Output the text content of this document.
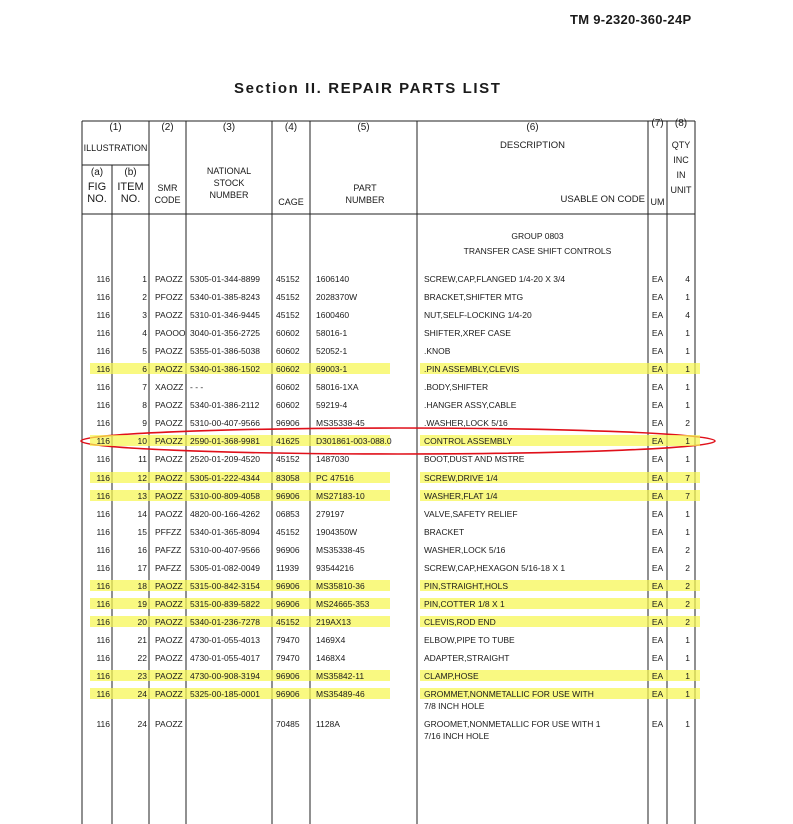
TM 9-2320-360-24P
Section II. REPAIR PARTS LIST
(1)
ILLUSTRATION
(a)	(b)
FIG NO.
ITEM NO.
(2)
SMR CODE
(3)
NATIONAL STOCK NUMBER
(4)
CAGE
(5)
PART NUMBER
(6)
DESCRIPTION
USABLE ON CODE
(7)
UM
(8)
QTY INC IN UNIT
GROUP 0803
TRANSFER CASE SHIFT CONTROLS
116	1 PAOZZ 5305-01-344-8899	45152	1606140	SCREW,CAP,FLANGED 1/4-20 X 3/4	EA	4
116	2 PFOZZ 5340-01-385-8243	45152	2028370W	BRACKET,SHIFTER MTG	EA	1
116	3 PAOZZ 5310-01-346-9445	45152	1600460	NUT,SELF-LOCKING 1/4-20	EA	4
116	4 PAOOO 3040-01-356-2725	60602	58016-1	SHIFTER,XREF CASE	EA	1
116	5 PAOZZ 5355-01-386-5038	60602	52052-1	.KNOB	EA	1
116	6 PAOZZ 5340-01-386-1502	60602	69003-1	.PIN ASSEMBLY,CLEVIS	EA	1
116	7 XAOZZ - - -	60602	58016-1XA	.BODY,SHIFTER	EA	1
116	8 PAOZZ 5340-01-386-2112	60602	59219-4	.HANGER ASSY,CABLE	EA	1
116	9 PAOZZ 5310-00-407-9566	96906	MS35338-45	.WASHER,LOCK 5/16	EA	2
116	10 PAOZZ 2590-01-368-9981	41625	D301861-003-088.0	CONTROL ASSEMBLY	EA	1
116	11 PAOZZ 2520-01-209-4520	45152	1487030	BOOT,DUST AND MSTRE	EA	1
116	12 PAOZZ 5305-01-222-4344	83058	PC 47516	SCREW,DRIVE 1/4	EA	7
116	13 PAOZZ 5310-00-809-4058	96906	MS27183-10	WASHER,FLAT 1/4	EA	7
116	14 PAOZZ 4820-00-166-4262	06853	279197	VALVE,SAFETY RELIEF	EA	1
116	15 PFFZZ	5340-01-365-8094	45152	1904350W	BRACKET	EA	1
116	16 PAFZZ	5310-00-407-9566	96906	MS35338-45	WASHER,LOCK 5/16	EA	2
116	17 PAFZZ	5305-01-082-0049	11939	93544216	SCREW,CAP,HEXAGON 5/16-18 X 1	EA	2
116	18 PAOZZ 5315-00-842-3154	96906	MS35810-36	PIN,STRAIGHT,HOLS	EA	2
116	19 PAOZZ 5315-00-839-5822	96906	MS24665-353	PIN,COTTER 1/8 X 1	EA	2
116	20 PAOZZ 5340-01-236-7278	45152	219AX13	CLEVIS,ROD END	EA	2
116	21 PAOZZ 4730-01-055-4013	79470	1469X4	ELBOW,PIPE TO TUBE	EA	1
116	22 PAOZZ 4730-01-055-4017	79470	1468X4	ADAPTER,STRAIGHT	EA	1
116	23 PAOZZ 4730-00-908-3194	96906	MS35842-11	CLAMP,HOSE	EA	1
116	24 PAOZZ 5325-00-185-0001	96906	MS35489-46	GROMMET,NONMETALLIC FOR USE WITH	EA	1
7/8 INCH HOLE
116	24 PAOZZ	70485	1128A	GROOMET,NONMETALLIC FOR USE WITH 1	EA	1
7/16 INCH HOLE
